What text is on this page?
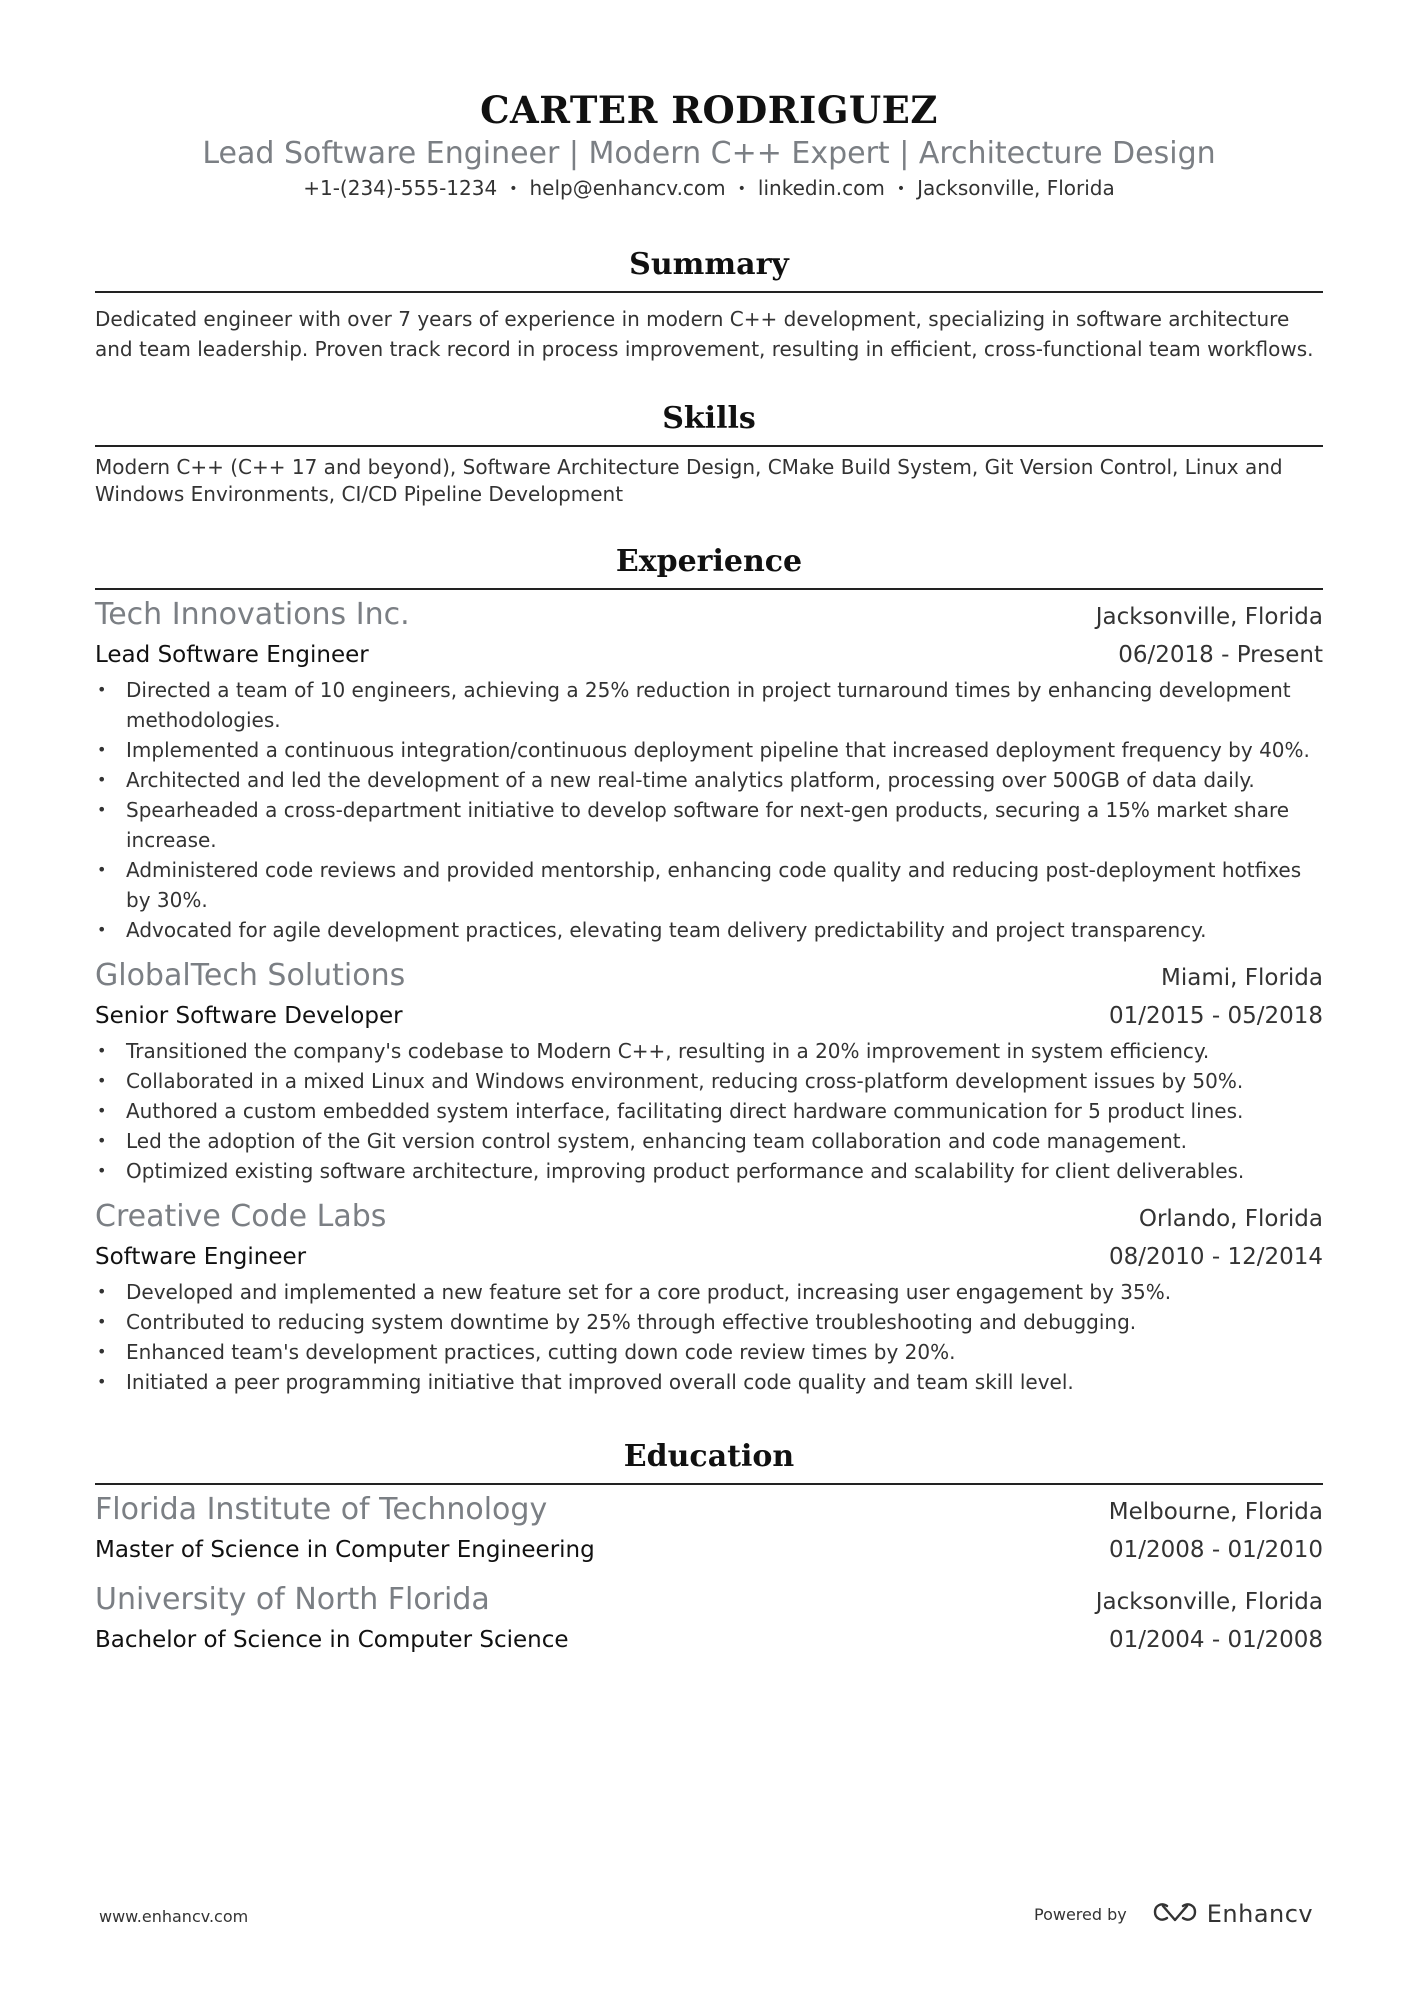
CARTER RODRIGUEZ
Lead Software Engineer | Modern C++ Expert | Architecture Design
+1-(234)-555-1234 • help@enhancv.com • linkedin.com • Jacksonville, Florida
Summary
Dedicated engineer with over 7 years of experience in modern C++ development, specializing in software architecture and team leadership. Proven track record in process improvement, resulting in efficient, cross-functional team workflows.
Skills
Modern C++ (C++ 17 and beyond), Software Architecture Design, CMake Build System, Git Version Control, Linux and Windows Environments, CI/CD Pipeline Development
Experience
Tech Innovations Inc.	Jacksonville, Florida
Lead Software Engineer	06/2018 - Present
• Directed a team of 10 engineers, achieving a 25% reduction in project turnaround times by enhancing development methodologies.
• Implemented a continuous integration/continuous deployment pipeline that increased deployment frequency by 40%.
• Architected and led the development of a new real-time analytics platform, processing over 500GB of data daily.
• Spearheaded a cross-department initiative to develop software for next-gen products, securing a 15% market share increase.
• Administered code reviews and provided mentorship, enhancing code quality and reducing post-deployment hotfixes by 30%.
• Advocated for agile development practices, elevating team delivery predictability and project transparency.
GlobalTech Solutions	Miami, Florida
Senior Software Developer	01/2015 - 05/2018
• Transitioned the company's codebase to Modern C++, resulting in a 20% improvement in system efficiency.
• Collaborated in a mixed Linux and Windows environment, reducing cross-platform development issues by 50%.
• Authored a custom embedded system interface, facilitating direct hardware communication for 5 product lines.
• Led the adoption of the Git version control system, enhancing team collaboration and code management.
• Optimized existing software architecture, improving product performance and scalability for client deliverables.
Creative Code Labs	Orlando, Florida
Software Engineer	08/2010 - 12/2014
• Developed and implemented a new feature set for a core product, increasing user engagement by 35%.
• Contributed to reducing system downtime by 25% through effective troubleshooting and debugging.
• Enhanced team's development practices, cutting down code review times by 20%.
• Initiated a peer programming initiative that improved overall code quality and team skill level.
Education
Florida Institute of Technology	Melbourne, Florida
Master of Science in Computer Engineering	01/2008 - 01/2010
University of North Florida	Jacksonville, Florida
Bachelor of Science in Computer Science	01/2004 - 01/2008
www.enhancv.com	Powered by	Enhancv
